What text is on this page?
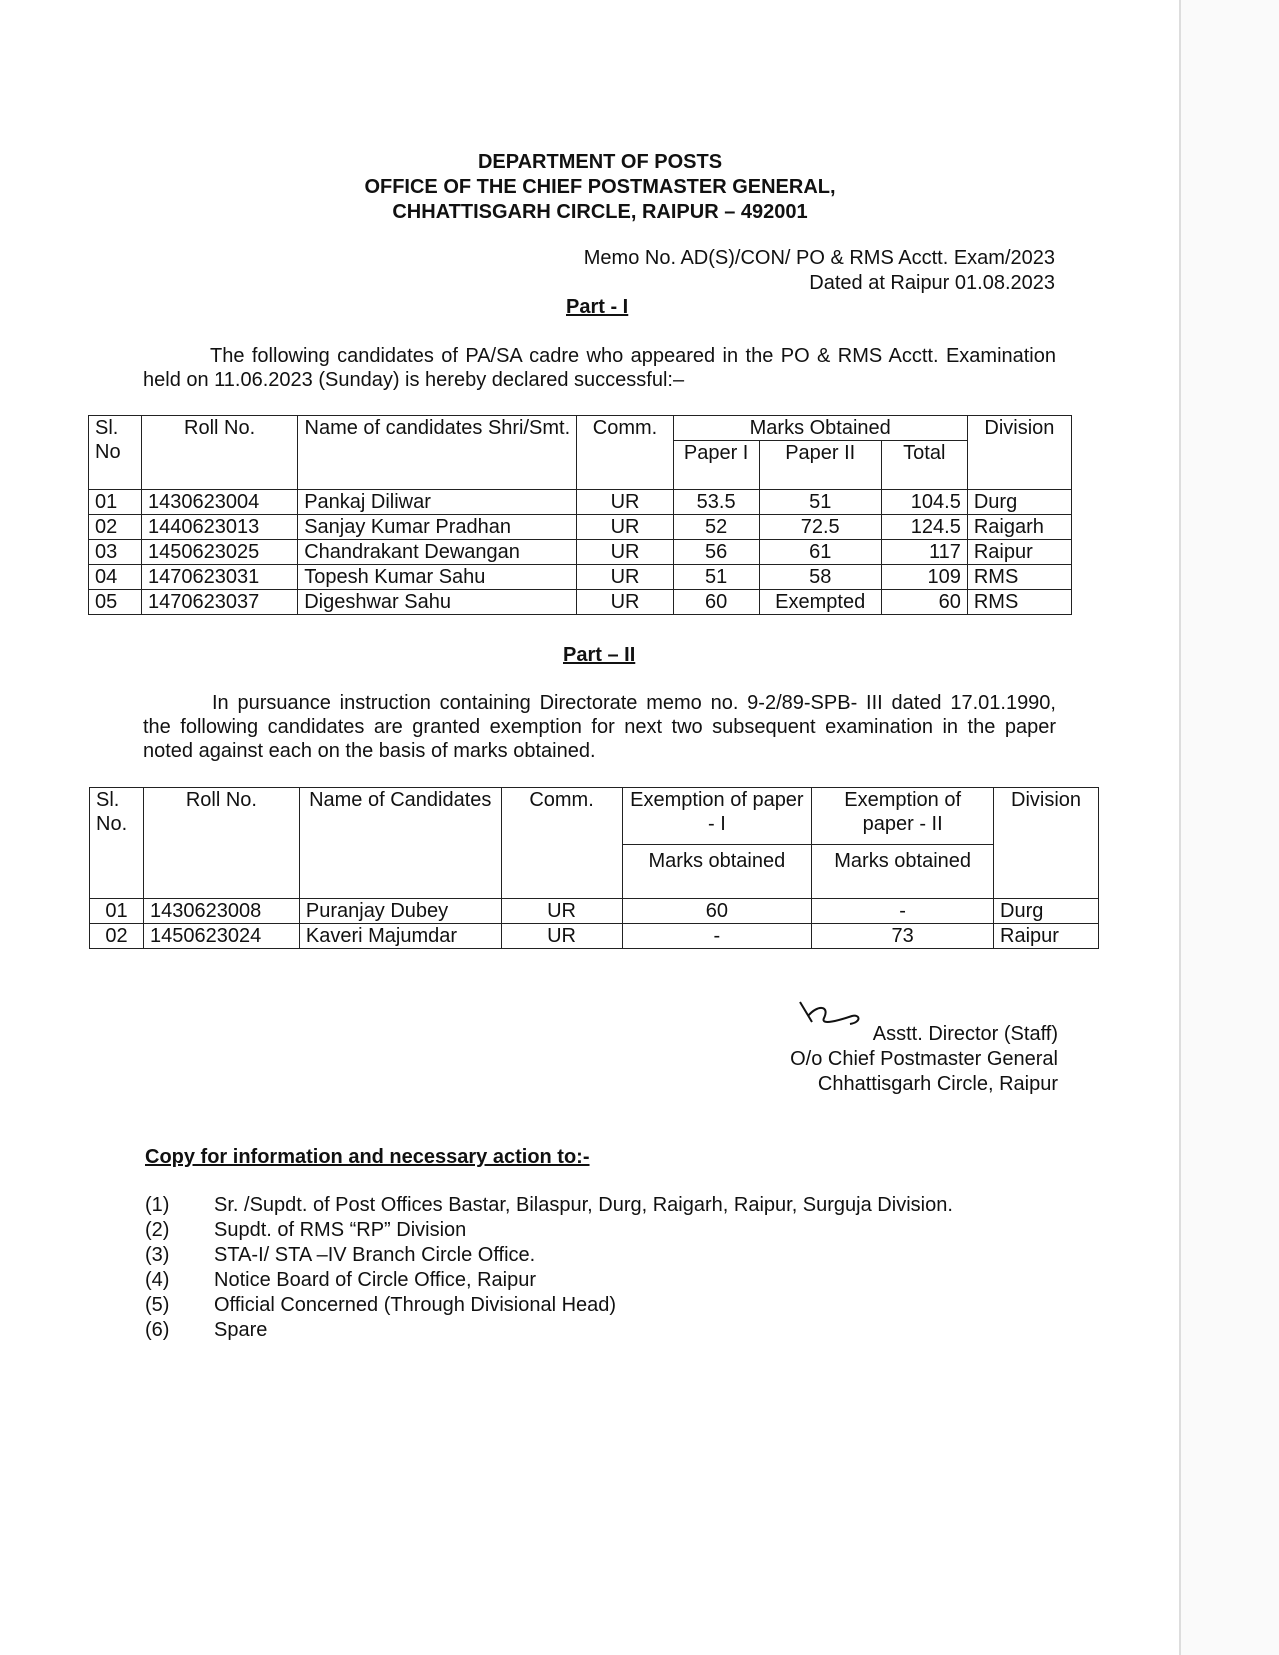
DEPARTMENT OF POSTS
OFFICE OF THE CHIEF POSTMASTER GENERAL,
CHHATTISGARH CIRCLE, RAIPUR – 492001
Memo No. AD(S)/CON/ PO & RMS Acctt. Exam/2023
Dated at Raipur 01.08.2023
Part - I
The following candidates of PA/SA cadre who appeared in the PO & RMS Acctt. Examination held on 11.06.2023 (Sunday) is hereby declared successful:–
Sl. No	Roll No.	Name of candidates Shri/Smt.	Comm.	Marks Obtained			Division
				Paper I	Paper II	Total	
01	1430623004	Pankaj Diliwar	UR	53.5	51	104.5	Durg
02	1440623013	Sanjay Kumar Pradhan	UR	52	72.5	124.5	Raigarh
03	1450623025	Chandrakant Dewangan	UR	56	61	117	Raipur
04	1470623031	Topesh Kumar Sahu	UR	51	58	109	RMS
05	1470623037	Digeshwar Sahu	UR	60	Exempted	60	RMS
Part – II
In pursuance instruction containing Directorate memo no. 9-2/89-SPB- III dated 17.01.1990, the following candidates are granted exemption for next two subsequent examination in the paper noted against each on the basis of marks obtained.
Sl. No.	Roll No.	Name of Candidates	Comm.	Exemption of paper - I	Exemption of paper - II	Division
				Marks obtained	Marks obtained	
01	1430623008	Puranjay Dubey	UR	60	-	Durg
02	1450623024	Kaveri Majumdar	UR	-	73	Raipur
Asstt. Director (Staff)
O/o Chief Postmaster General
Chhattisgarh Circle, Raipur
Copy for information and necessary action to:-
(1)	Sr. /Supdt. of Post Offices Bastar, Bilaspur, Durg, Raigarh, Raipur, Surguja Division.
(2)	Supdt. of RMS “RP” Division
(3)	STA-I/ STA –IV Branch Circle Office.
(4)	Notice Board of Circle Office, Raipur
(5)	Official Concerned (Through Divisional Head)
(6)	Spare
